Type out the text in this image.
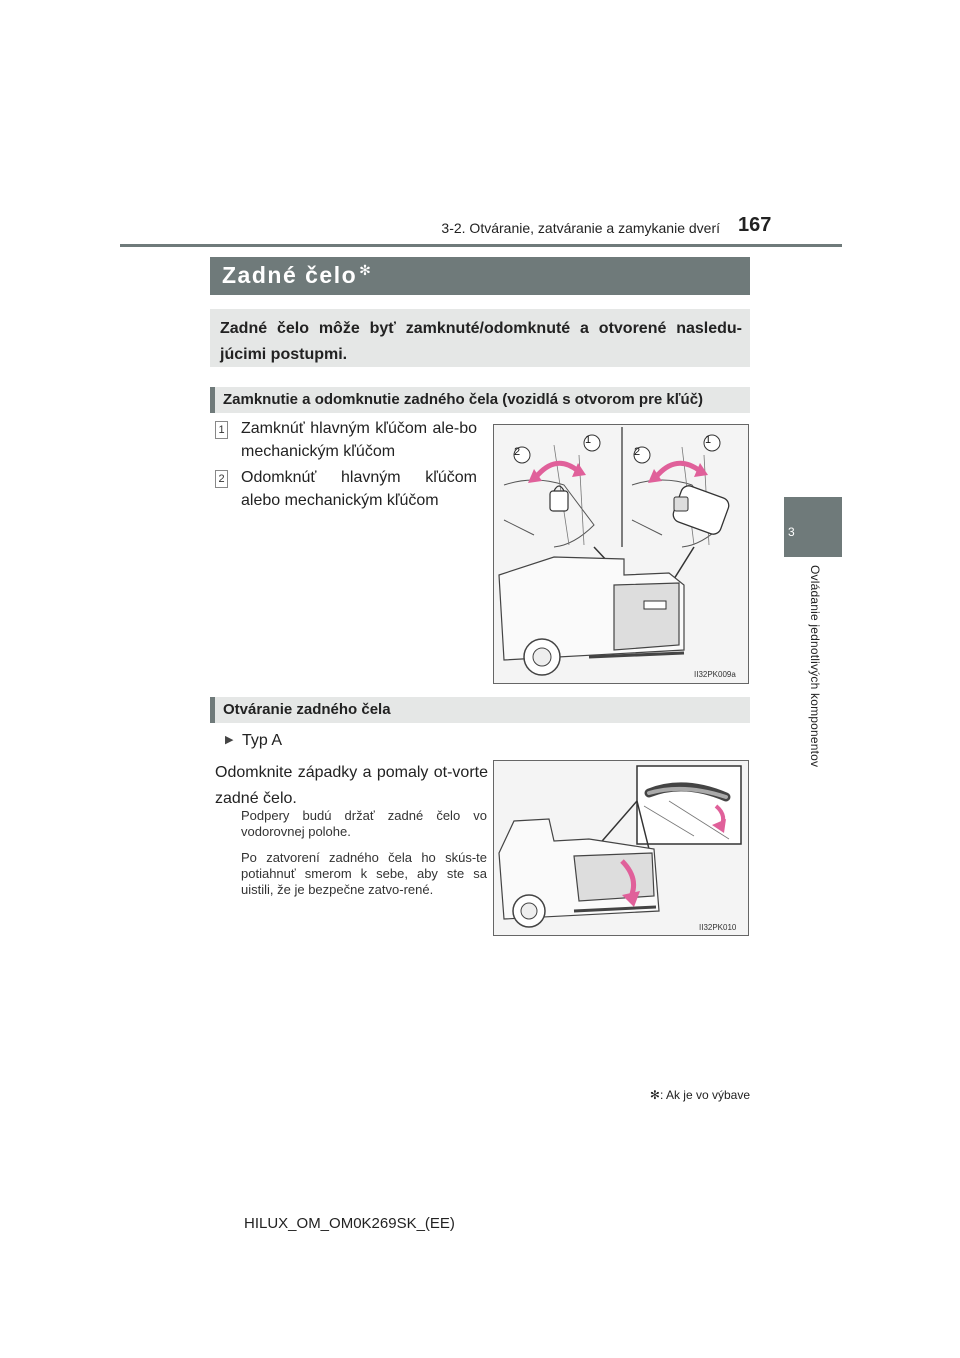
3-2. Otváranie, zatváranie a zamykanie dverí 167
3
Ovládanie jednotlivých komponentov
Zadné čelo ✻
Zadné čelo môže byť zamknuté/odomknuté a otvorené nasledu-júcimi postupmi.
Zamknutie a odomknutie zadného čela (vozidlá s otvorom pre kľúč)
1 Zamknúť hlavným kľúčom ale-bo mechanickým kľúčom
2 Odomknúť hlavným kľúčom alebo mechanickým kľúčom
2
1
2
1
II32PK009a
Otváranie zadného čela
▶ Typ A
Odomknite západky a pomaly ot-vorte zadné čelo.
Podpery budú držať zadné čelo vo vodorovnej polohe.
Po zatvorení zadného čela ho skús-te potiahnuť smerom k sebe, aby ste sa uistili, že je bezpečne zatvo-rené.
II32PK010
✻: Ak je vo výbave
HILUX_OM_OM0K269SK_(EE)
